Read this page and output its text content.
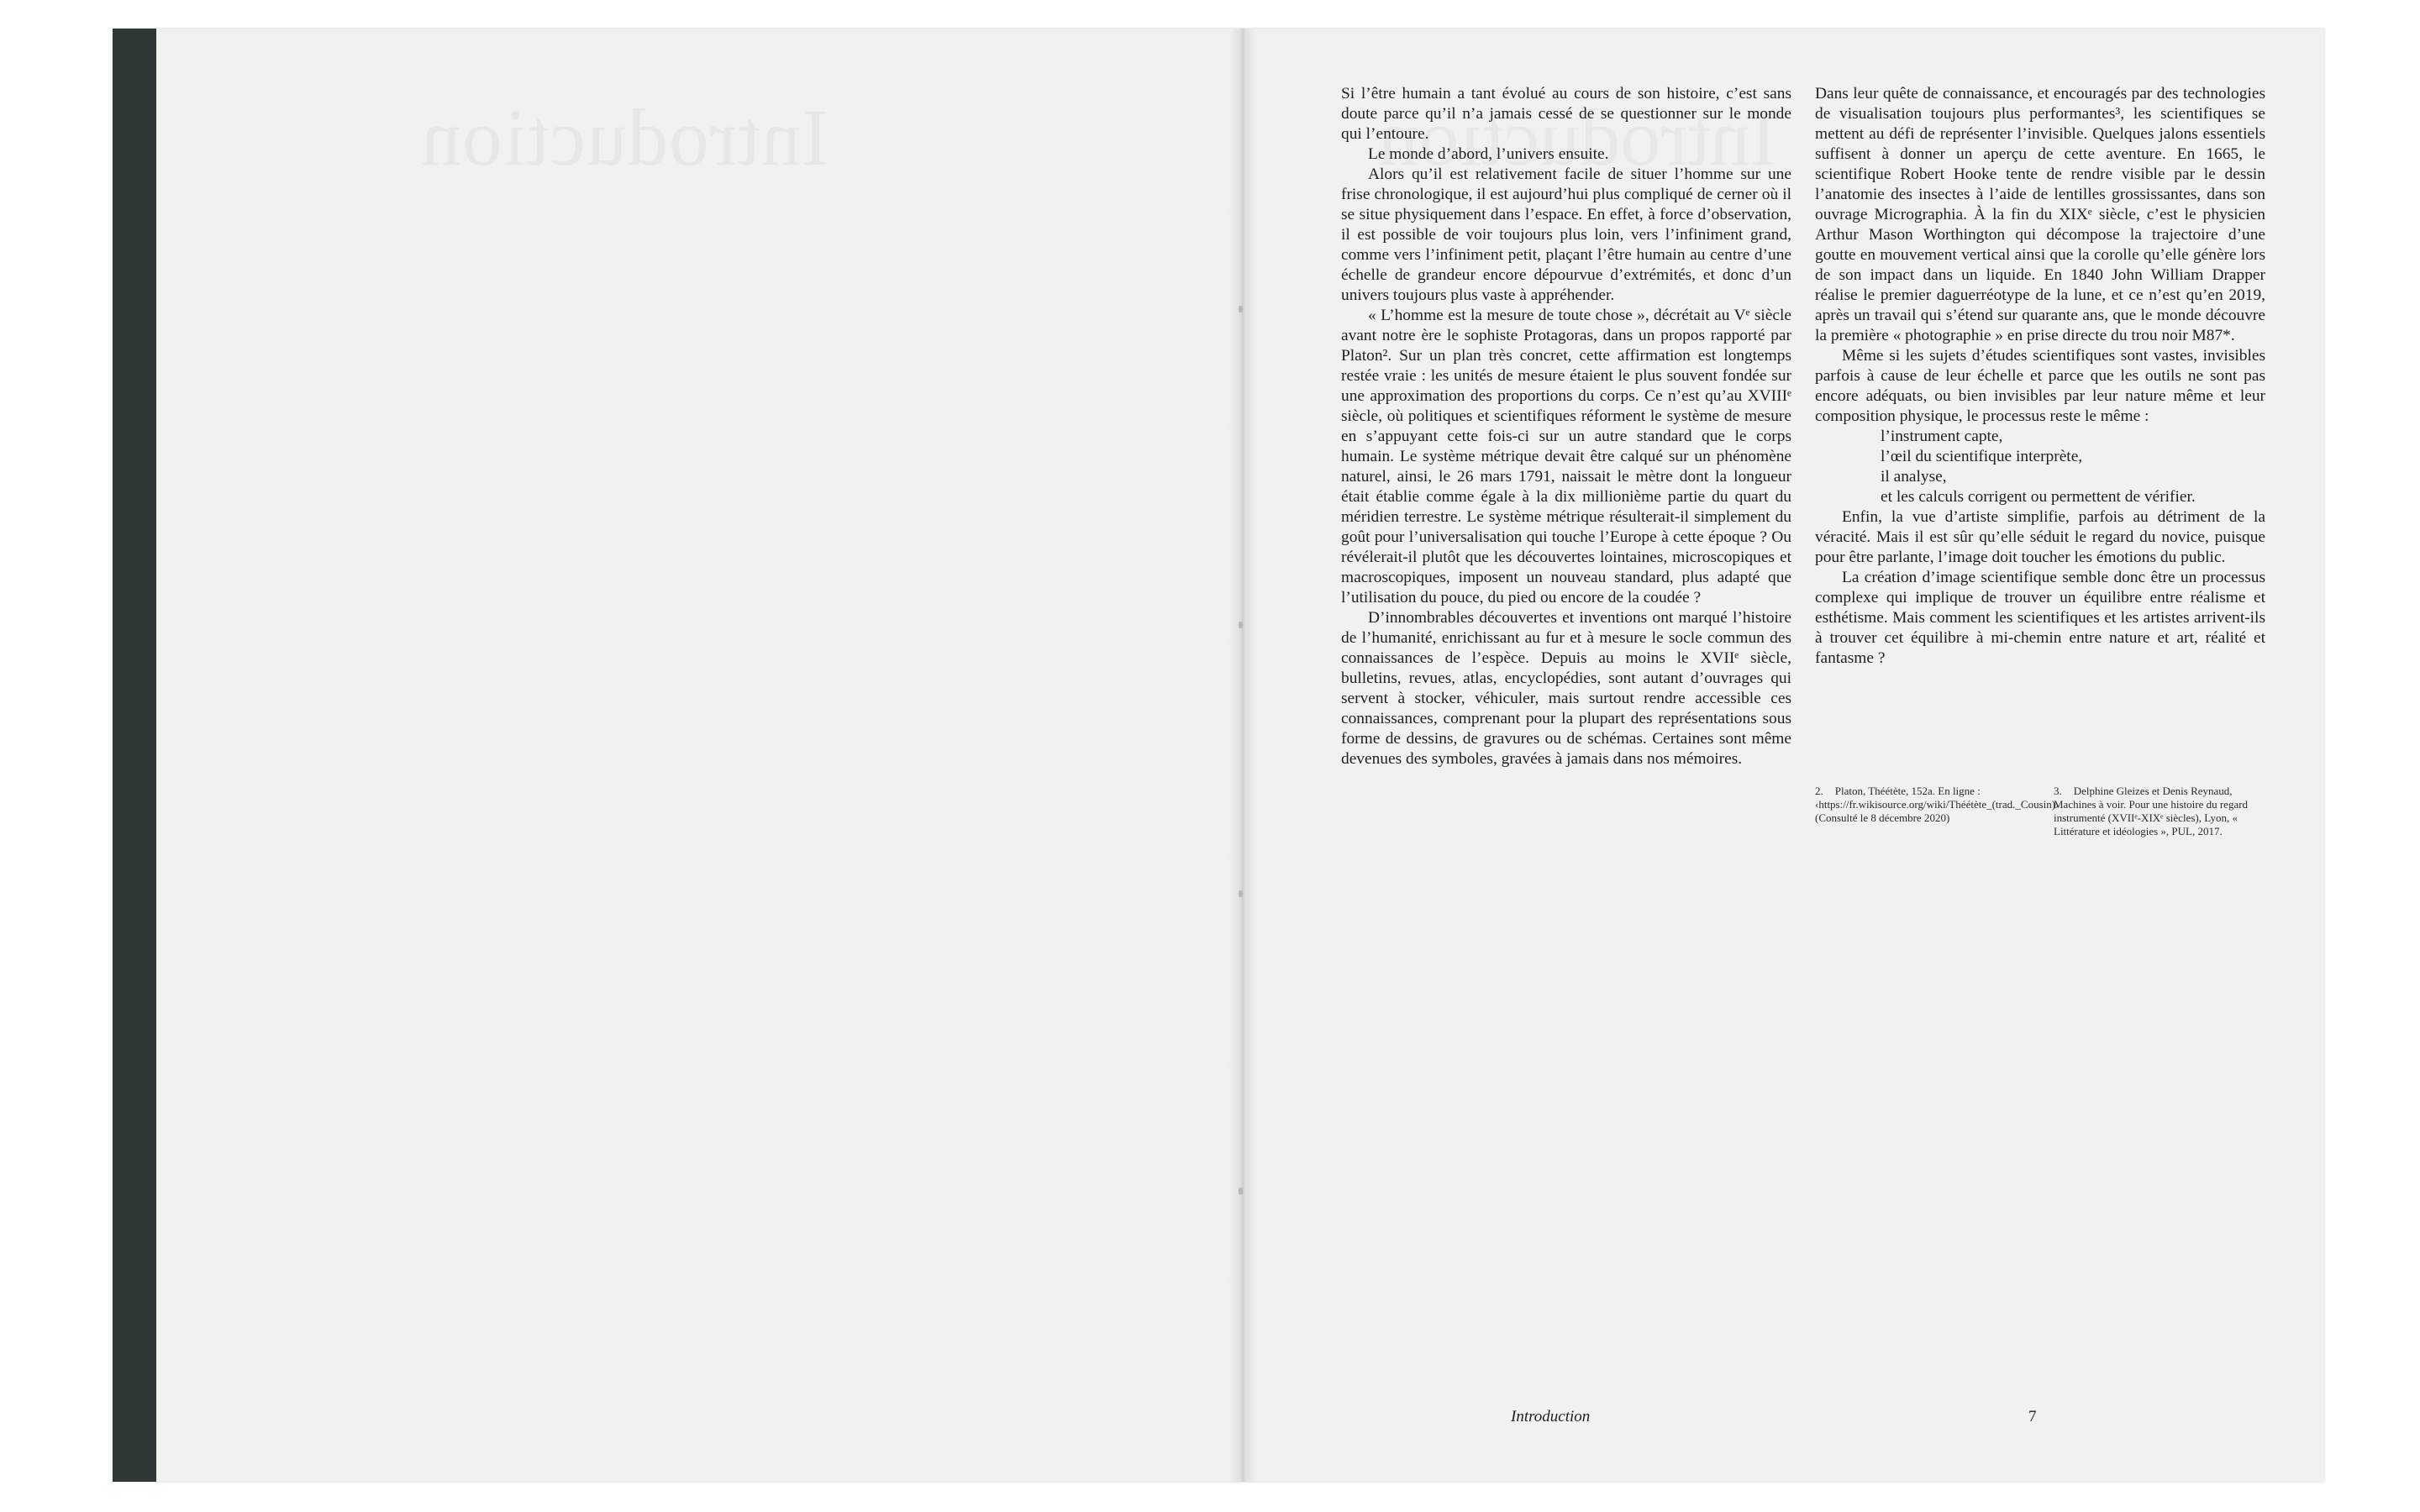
Si l’être humain a tant évolué au cours de son histoire, c’est sans doute parce qu’il n’a jamais cessé de se questionner sur le monde qui l’entoure.

Le monde d’abord, l’univers ensuite.

Alors qu’il est relativement facile de situer l’homme sur une frise chronologique, il est aujourd’hui plus compliqué de cerner où il se situe physiquement dans l’espace. En effet, à force d’observation, il est possible de voir toujours plus loin, vers l’infiniment grand, comme vers l’infiniment petit, plaçant l’être humain au centre d’une échelle de grandeur encore dépourvue d’extrémités, et donc d’un univers toujours plus vaste à appréhender.

« L’homme est la mesure de toute chose », décrétait au Vᵉ siècle avant notre ère le sophiste Protagoras, dans un propos rapporté par Platon². Sur un plan très concret, cette affirmation est longtemps restée vraie : les unités de mesure étaient le plus souvent fondée sur une approximation des proportions du corps. Ce n’est qu’au XVIIIᵉ siècle, où politiques et scientifiques réforment le système de mesure en s’appuyant cette fois-ci sur un autre standard que le corps humain. Le système métrique devait être calqué sur un phénomène naturel, ainsi, le 26 mars 1791, naissait le mètre dont la longueur était établie comme égale à la dix millionième partie du quart du méridien terrestre. Le système métrique résulterait-il simplement du goût pour l’universalisation qui touche l’Europe à cette époque ? Ou révélerait-il plutôt que les découvertes lointaines, microscopiques et macroscopiques, imposent un nouveau standard, plus adapté que l’utilisation du pouce, du pied ou encore de la coudée ?

D’innombrables découvertes et inventions ont marqué l’histoire de l’humanité, enrichissant au fur et à mesure le socle commun des connaissances de l’espèce. Depuis au moins le XVIIᵉ siècle, bulletins, revues, atlas, encyclopédies, sont autant d’ouvrages qui servent à stocker, véhiculer, mais surtout rendre accessible ces connaissances, comprenant pour la plupart des représentations sous forme de dessins, de gravures ou de schémas. Certaines sont même devenues des symboles, gravées à jamais dans nos mémoires.

Dans leur quête de connaissance, et encouragés par des technologies de visualisation toujours plus performantes³, les scientifiques se mettent au défi de représenter l’invisible. Quelques jalons essentiels suffisent à donner un aperçu de cette aventure. En 1665, le scientifique Robert Hooke tente de rendre visible par le dessin l’anatomie des insectes à l’aide de lentilles grossissantes, dans son ouvrage Micrographia. À la fin du XIXᵉ siècle, c’est le physicien Arthur Mason Worthington qui décompose la trajectoire d’une goutte en mouvement vertical ainsi que la corolle qu’elle génère lors de son impact dans un liquide. En 1840 John William Drapper réalise le premier daguerréotype de la lune, et ce n’est qu’en 2019, après un travail qui s’étend sur quarante ans, que le monde découvre la première « photographie » en prise directe du trou noir M87*.

Même si les sujets d’études scientifiques sont vastes, invisibles parfois à cause de leur échelle et parce que les outils ne sont pas encore adéquats, ou bien invisibles par leur nature même et leur composition physique, le processus reste le même :

l’instrument capte,
l’œil du scientifique interprète,
il analyse,
et les calculs corrigent ou permettent de vérifier.

Enfin, la vue d’artiste simplifie, parfois au détriment de la véracité. Mais il est sûr qu’elle séduit le regard du novice, puisque pour être parlante, l’image doit toucher les émotions du public.

La création d’image scientifique semble donc être un processus complexe qui implique de trouver un équilibre entre réalisme et esthétisme. Mais comment les scientifiques et les artistes arrivent-ils à trouver cet équilibre à mi-chemin entre nature et art, réalité et fantasme ?

2. Platon, Théétète, 152a. En ligne : ‹https://fr.wikisource.org/wiki/Théétète_(trad._Cousin)› (Consulté le 8 décembre 2020)
3. Delphine Gleizes et Denis Reynaud, Machines à voir. Pour une histoire du regard instrumenté (XVIIᵉ-XIXᵉ siècles), Lyon, « Littérature et idéologies », PUL, 2017.
Introduction	7
